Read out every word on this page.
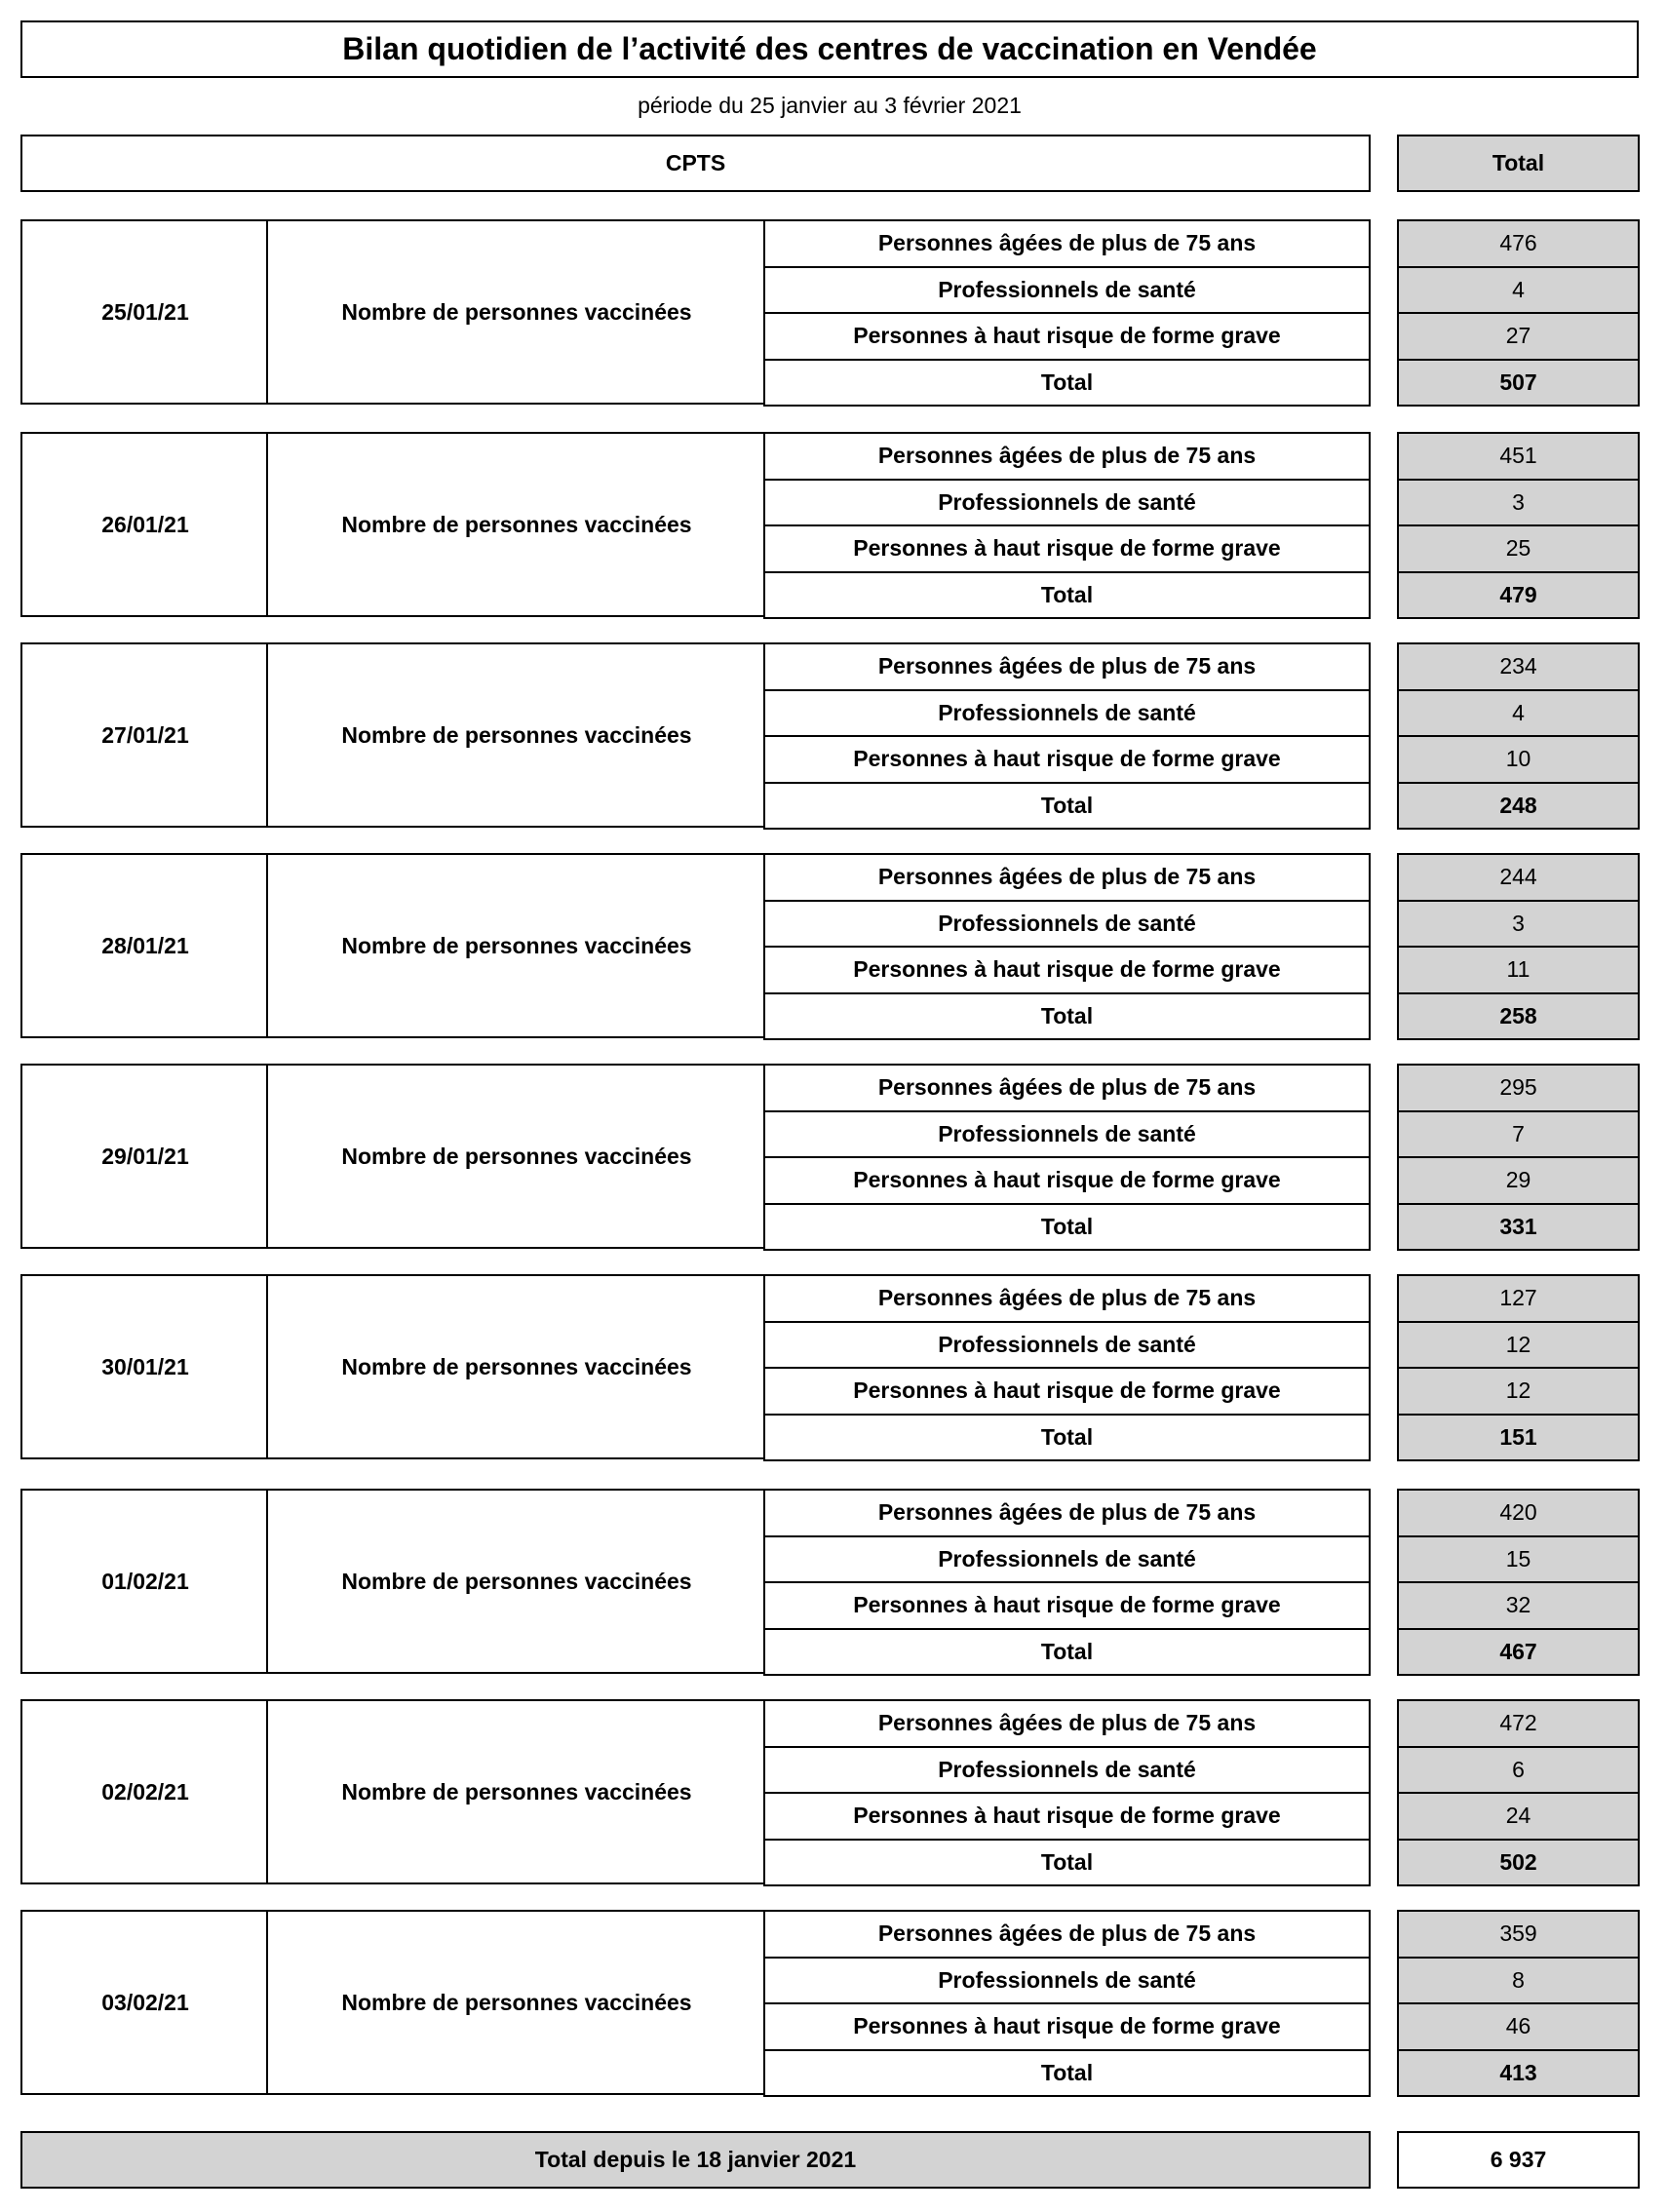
Bilan quotidien de l’activité des centres de vaccination en Vendée
période du 25 janvier au 3 février 2021
CPTS	Total
25/01/21	Nombre de personnes vaccinées
Personnes âgées de plus de 75 ans	476
Professionnels de santé	4
Personnes à haut risque de forme grave	27
Total	507
26/01/21	Nombre de personnes vaccinées
Personnes âgées de plus de 75 ans	451
Professionnels de santé	3
Personnes à haut risque de forme grave	25
Total	479
27/01/21	Nombre de personnes vaccinées
Personnes âgées de plus de 75 ans	234
Professionnels de santé	4
Personnes à haut risque de forme grave	10
Total	248
28/01/21	Nombre de personnes vaccinées
Personnes âgées de plus de 75 ans	244
Professionnels de santé	3
Personnes à haut risque de forme grave	11
Total	258
29/01/21	Nombre de personnes vaccinées
Personnes âgées de plus de 75 ans	295
Professionnels de santé	7
Personnes à haut risque de forme grave	29
Total	331
30/01/21	Nombre de personnes vaccinées
Personnes âgées de plus de 75 ans	127
Professionnels de santé	12
Personnes à haut risque de forme grave	12
Total	151
01/02/21	Nombre de personnes vaccinées
Personnes âgées de plus de 75 ans	420
Professionnels de santé	15
Personnes à haut risque de forme grave	32
Total	467
02/02/21	Nombre de personnes vaccinées
Personnes âgées de plus de 75 ans	472
Professionnels de santé	6
Personnes à haut risque de forme grave	24
Total	502
03/02/21	Nombre de personnes vaccinées
Personnes âgées de plus de 75 ans	359
Professionnels de santé	8
Personnes à haut risque de forme grave	46
Total	413
Total depuis le 18 janvier 2021	6 937
